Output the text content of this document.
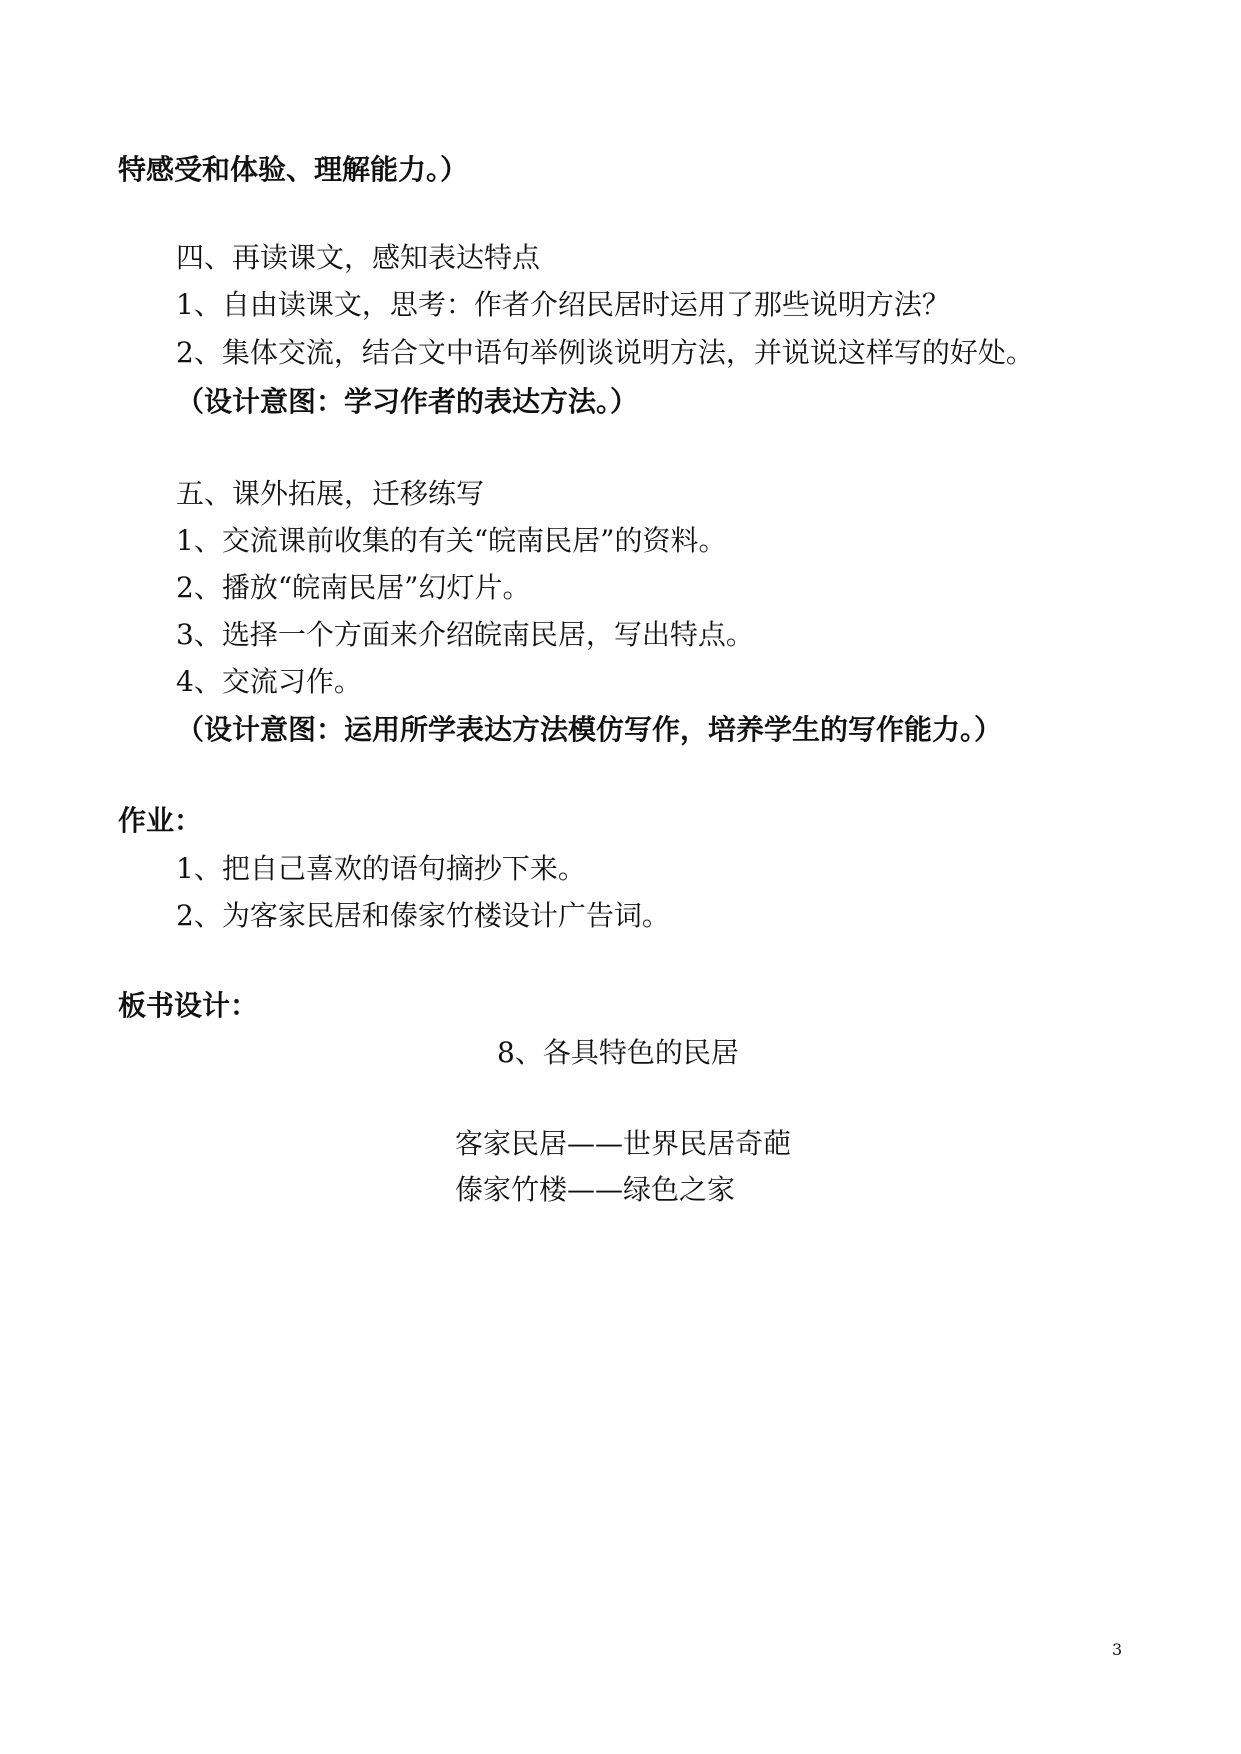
特感受和体验、理解能力。）
四、再读课文，感知表达特点
1、自由读课文，思考：作者介绍民居时运用了那些说明方法？
2、集体交流，结合文中语句举例谈说明方法，并说说这样写的好处。
（设计意图：学习作者的表达方法。）
五、课外拓展，迁移练写
1、交流课前收集的有关“皖南民居”的资料。
2、播放“皖南民居”幻灯片。
3、选择一个方面来介绍皖南民居，写出特点。
4、交流习作。
（设计意图：运用所学表达方法模仿写作，培养学生的写作能力。）
作业：
1、把自己喜欢的语句摘抄下来。
2、为客家民居和傣家竹楼设计广告词。
板书设计：
8、各具特色的民居
客家民居——世界民居奇葩
傣家竹楼——绿色之家
3
